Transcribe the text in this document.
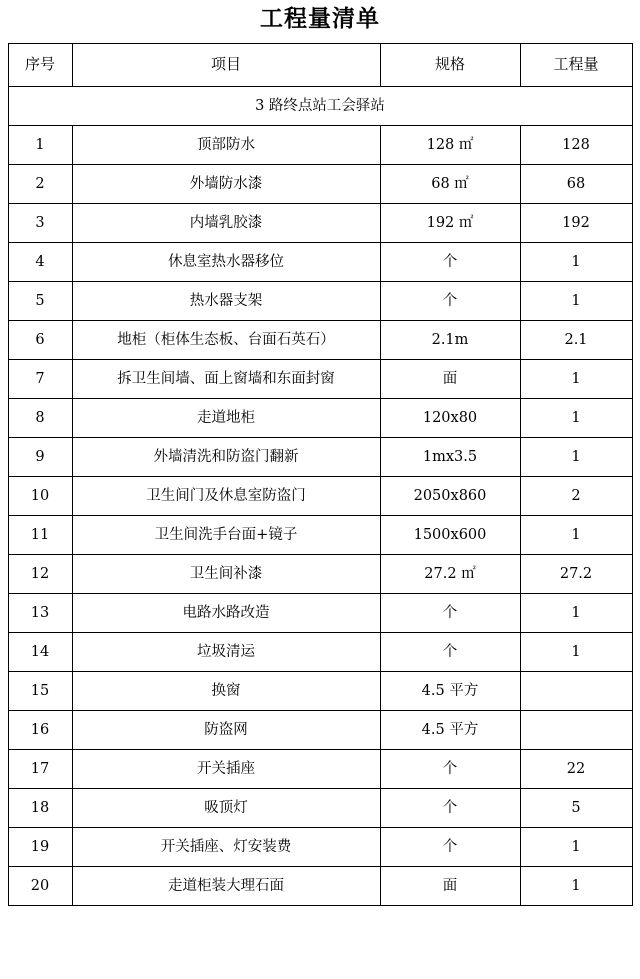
工程量清单
序号	项目	规格	工程量
3 路终点站工会驿站			
1	顶部防水	128 ㎡	128
2	外墙防水漆	68 ㎡	68
3	内墙乳胶漆	192 ㎡	192
4	休息室热水器移位	个	1
5	热水器支架	个	1
6	地柜（柜体生态板、台面石英石）	2.1m	2.1
7	拆卫生间墙、面上窗墙和东面封窗	面	1
8	走道地柜	120x80	1
9	外墙清洗和防盗门翻新	1mx3.5	1
10	卫生间门及休息室防盗门	2050x860	2
11	卫生间洗手台面+镜子	1500x600	1
12	卫生间补漆	27.2 ㎡	27.2
13	电路水路改造	个	1
14	垃圾清运	个	1
15	换窗	4.5 平方	
16	防盗网	4.5 平方	
17	开关插座	个	22
18	吸顶灯	个	5
19	开关插座、灯安装费	个	1
20	走道柜装大理石面	面	1
